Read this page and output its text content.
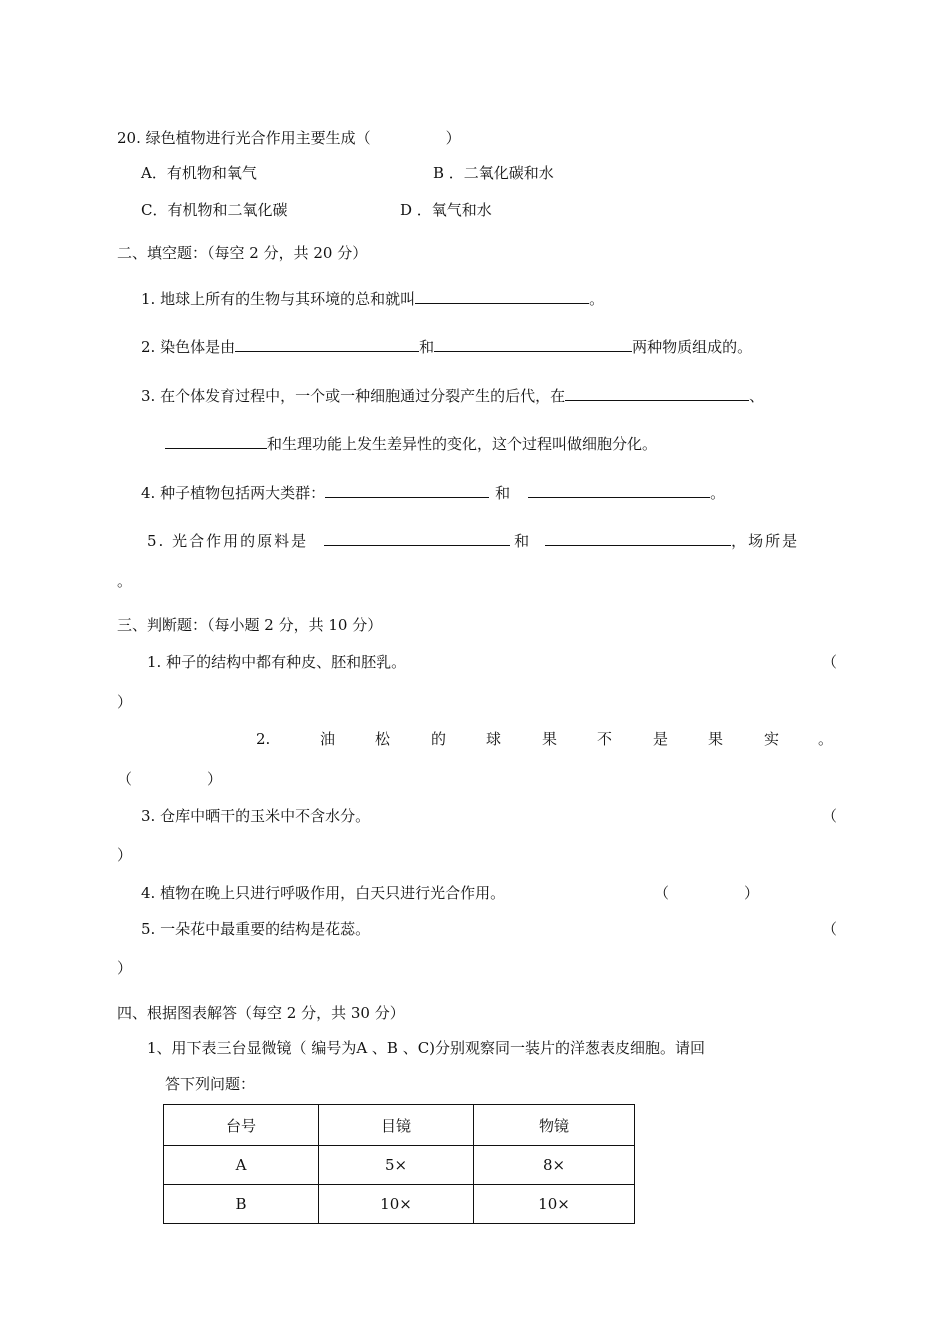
20. 绿色植物进行光合作用主要生成（　　　　　）
A．有机物和氧气	B ．二氧化碳和水
C．有机物和二氧化碳	D ．氧气和水
二、填空题：（每空 2 分，共 20 分）
1. 地球上所有的生物与其环境的总和就叫	。
2. 染色体是由	和	两种物质组成的。
3. 在个体发育过程中，一个或一种细胞通过分裂产生的后代，在	、
和生理功能上发生差异性的变化，这个过程叫做细胞分化。
4. 种子植物包括两大类群：	和	。
5. 光合作用的原料是	和	，场所是
。
三、判断题：（每小题 2 分，共 10 分）
1. 种子的结构中都有种皮、胚和胚乳。	（
）
2.	油	松	的	球	果	不	是	果	实	。
（　　　　　）
3. 仓库中晒干的玉米中不含水分。	（
）
4. 植物在晚上只进行呼吸作用，白天只进行光合作用。	（　　　　　）
5. 一朵花中最重要的结构是花蕊。	（
）
四、根据图表解答（每空 2 分，共 30 分）
1、用下表三台显微镜（ 编号为A 、B 、C)分别观察同一装片的洋葱表皮细胞。请回
答下列问题：
台号	目镜	物镜
A	5×	8×
B	10×	10×
